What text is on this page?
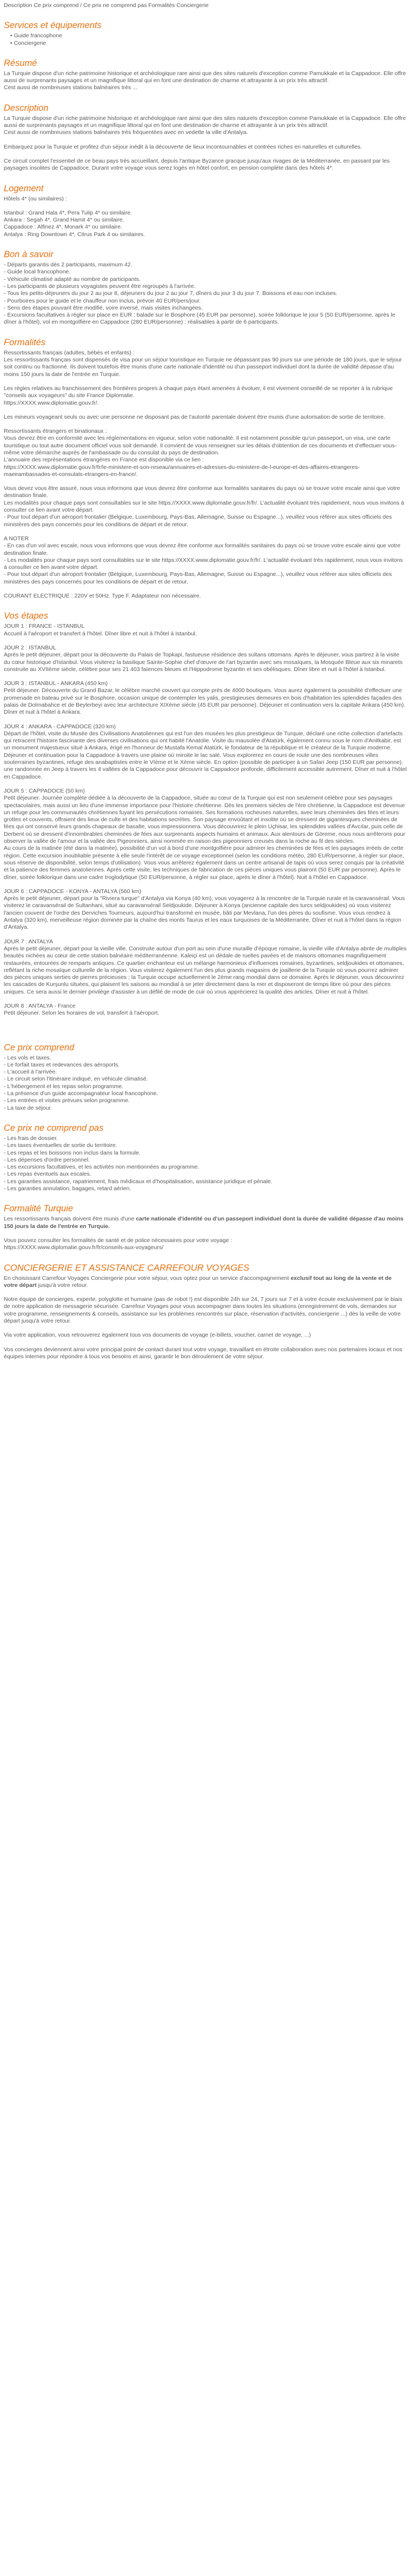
Description Ce prix comprend / Ce prix ne comprend pas Formalités Conciergerie

Services et équipements

• Guide francophone

• Conciergerie

Résumé

La Turquie dispose d'un riche patrimoine historique et archéologique rare ainsi que des sites naturels d'exception comme Pamukkale et la Cappadoce. Elle offre aussi de surprenants paysages et un magnifique littoral qui en font une destination de charme et attrayante à un prix très attractif.
Cest aussi de nombreuses stations balnéaires très ...

Description

La Turquie dispose d'un riche patrimoine historique et archéologique rare ainsi que des sites naturels d'exception comme Pamukkale et la Cappadoce. Elle offre aussi de surprenants paysages et un magnifique littoral qui en font une destination de charme et attrayante à un prix très attractif.
Cest aussi de nombreuses stations balnéaires très fréquentées avec en vedette la ville d'Antalya.

Embarquez pour la Turquie et profitez d'un séjour inédit à la découverte de lieux incontournables et contrées riches en naturelles et culturelles.

Ce circuit complet l'essentiel de ce beau pays très accueillant, depuis l'antique Byzance gracque jusqu'aux rivages de la Méditerranée, en passant par les paysages insolites de Cappadoce. Durant votre voyage vous serez logés en hôtel confort, en pension complète dans des hôtels 4*.

Logement

Hôtels 4* (ou similaires) :

Istanbul : Grand Hala 4*, Pera Tulip 4* ou similaire.

Ankara : Segah 4*, Grand Hamit 4* ou similaire.

Cappadoce : Alfinez 4*, Monark 4* ou similaire.

Antalya : Ring Downtown 4*, Citrus Park 4 ou similaires.

Bon à savoir

- Départs garantis dès 2 participants, maximum 42.

- Guide local francophone.

- Véhicule climatisé adapté au nombre de participants.

- Les participants de plusieurs voyagistes peuvent être regroupés à l'arrivée.

- Tous les petits-déjeuners du jour 2 au jour 8, déjeuners du jour 2 au jour 7, dîners du jour 3 du jour 7. Boissons et eau non incluses.
- Pourboires pour le guide et le chauffeur non inclus, prévoir 40 EUR/pers/jour.
- Sens des étapes pouvant être modifié, voire inversé, mais visites inchangées.

- Excursions facultatives à régler sur place en EUR : balade sur le Bosphore (45 EUR par personne), soirée folklorique le jour 5 (50 EUR/personne, après le dîner à l'hôtel), vol en montgolfière en Cappadoce (280 EUR/personne) : réalisables à partir de 6 participants.

Formalités

Ressortissants français (adultes, bébés et enfants) :
Les ressortissants français sont dispensés de visa pour un séjour touristique en Turquie ne dépassant pas 90 jours sur une période de 180 jours, que le séjour soit continu ou fractionné. Ils doivent toutefois être munis d'une carte nationale d'identité ou d'un passeport individuel dont la durée de validité dépasse d'au moins 150 jours la date de l'entrée en Turquie.

Les règles relatives au franchissement des frontières propres à chaque pays étant amenées à évoluer, il est vivement conseillé de se reporter à la rubrique "conseils aux voyageurs" du site France Diplomatie.
https://XXXX.www.diplomatie.gouv.fr/.

Les mineurs voyageant seuls ou avec une personne ne disposant pas de l'autorité parentale doivent être munis d'une autorisation de sortie de territoire.

Ressortissants étrangers et binationaux :
Vous devrez être en conformité avec les réglementations en vigueur, selon votre nationalité. Il est notamment possible qu'un passeport, un visa, une carte touristique ou tout autre document officiel vous soit demandé. Il convient de vous renseigner sur les délais d'obtention de ces documents et d'effectuer vous-même votre démarche auprès de l'ambassade ou du consulat du pays de destination.
L'annuaire des représentations étrangères en France est disponible via ce lien :
https://XXXX.www.diplomatie.gouv.fr/fr/le-ministere-et-son-reseau/annuaires-et-adresses-du-ministere-de-l-europe-et-des-affaires-etrangeres-maeeambassades-et-consulats-etrangers-en-france/.

Vous devez vous être assuré, nous vous informons que vous devrez être conforme aux formalités sanitaires du pays où se trouve votre escale ainsi que votre destination finale.
Les modalités pour chaque pays sont consultables sur le site https://XXXX.www.diplomatie.gouv.fr/fr/. L'actualité évoluant très rapidement, nous vous invitons à consulter ce lien avant votre départ.
- Pour tout départ d'un aéroport frontalier (Belgique, Luxembourg, Pays-Bas, Allemagne, Suisse ou Espagne...), veuillez vous référer aux sites officiels des ministères des pays concernés pour les conditions de départ et de retour.

A NOTER

- En cas d'un vol avec escale, nous vous informons que vous devrez être conforme aux formalités sanitaires du pays où se trouve votre escale ainsi que votre destination finale.
- Les modalités pour chaque pays sont consultables sur le site https://XXXX.www.diplomatie.gouv.fr/fr/. L'actualité évoluant très rapidement, nous vous invitons à consulter ce lien avant votre départ.
- Pour tout départ d'un aéroport frontalier (Belgique, Luxembourg, Pays-Bas, Allemagne, Suisse ou Espagne...), veuillez vous référer aux sites officiels des ministères des pays concernés pour les conditions de départ et de retour.

COURANT ELECTRIQUE : 220V et 50Hz. Type F. Adaptateur non nécessaire.

Vos étapes

JOUR 1 : FRANCE - ISTANBUL

Accueil à l'aéroport et transfert à l'hôtel. Dîner libre et nuit à l'hôtel à Istanbul.

JOUR 2 : ISTANBUL

Après le petit déjeuner, départ pour la découverte du Palais de Topkapi, fastueuse résidence des sultans ottomans. Après le déjeuner, vous partirez à la visite du cœur historique d'Istanbul. Vous visiterez la basilique Sainte-Sophie chef d'œuvre de l'art byzantin avec ses mosaïques, la Mosquée Bleue aux six minarets construite au XVIIème siècle, célèbre pour ses 21 403 faïences bleues et l'Hippodrome byzantin et ses obélisques. Dîner libre et nuit à l'hôtel à Istanbul.

JOUR 3 : ISTANBUL - ANKARA (450 km)

Petit déjeuner. Découverte du Grand Bazar, le célèbre marché couvert qui compte près de 4000 boutiques. Vous aurez également la possibilité d'effectuer une promenade en bateau privé sur le Bosphore, occasion unique de contempler les yalis, prestigieuses demeures en bois d'habitation les splendides façades des palais de Dolmabahce et de Beylerbeyi avec leur architecture XIXème siècle (45 EUR par personne). Déjeuner et continuation vers la capitale Ankara (450 km). Dîner et nuit à l'hôtel à Ankara.

JOUR 4 : ANKARA - CAPPADOCE (320 km)

Départ de l'hôtel, visite du Musée des Civilisations Anatoliennes qui est l'un des musées les plus prestigieux de Turquie, déclaré une riche collection d'artefacts qui retracent l'histoire fascinante des diverses civilisations qui ont habité l'Anatolie. Visite du mausolée d'Atatürk, également connu sous le nom d'Anitkabir, est un monument majestueux situé à Ankara, érigé en l'honneur de Mustafa Kemal Atatürk, le fondateur de la république et le créateur de la Turquie moderne. Déjeuner et continuation pour la Cappadoce à travers une plaine où miroite le lac salé. Vous explorerez en cours de route une des nombreuses villes souterraines byzantines, refuge des anabaptistes entre le VIème et le Xème siècle. En option (possible de participer à un Safari Jeep (150 EUR par personne). une randonnée en Jeep à travers les 4 vallées de la Cappadoce pour découvrir la Cappadoce profonde, difficilement accessible autrement. Dîner et nuit à l'hôtel en Cappadoce.

JOUR 5 : CAPPADOCE (50 km)

Petit déjeuner. Journée complète dédiée à la découverte de la Cappadoce, située au cœur de la Turquie qui est non seulement célèbre pour ses paysages spectaculaires, mais aussi un lieu d'une immense importance pour l'histoire chrétienne. Dès les premiers siècles de l'ère chrétienne, la Cappadoce est devenue un refuge pour les communautés chrétiennes fuyant les persécutions romaines. Ses formations rocheuses naturelles, avec leurs cheminées des fées et leurs grottes et couvents, offraient des lieux de culte et des habitations secrètes. Son paysage envoûtant et insolite où se dressent de gigantesques cheminées de fées qui ont conservé leurs grands chapeaux de basalte, vous impressionnera. Vous découvrirez le plein Uçhisar, les splendides vallées d'Avcılar, puis celle de Derbent où se dressent d'innombrables cheminées de fées aux surprenants aspects humains et animaux. Aux alentours de Göreme, nous nous arrêterons pour observer la vallée de l'amour et la vallée des Pigeonniers, ainsi nommée en raison des pigeonniers creusés dans la roche au fil des siècles.
Au cours de la matinée (été dans la matinée), possibilité d'un vol à bord d'une montgolfière pour admirer les cheminées de fées et les paysages irréels de cette région. Cette excursion inoubliable présente à elle seule l'intérêt de ce voyage exceptionnel (selon les conditions météo, 280 EUR/personne, à régler sur place, sous réserve de disponibilité, selon temps d'utilisation). Vous vous arrêterez également dans un centre artisanal de tapis où vous serez conquis par la créativité et la patience des femmes anatoliennes. Après cette visite, les techniques de fabrication de ces pièces uniques vous plairont (50 EUR par personne). Après le dîner, soirée folklorique dans une cadre troglodytique (50 EUR/personne, à régler sur place, après le dîner à l'hôtel). Nuit à l'hôtel en Cappadoce.

JOUR 6 : CAPPADOCE - KONYA - ANTALYA (560 km)

Après le petit déjeuner, départ pour la "Riviera turque" d'Antalya via Konya (40 km), vous voyagerez à la rencontre de la Turquie rurale et la caravansérail. Vous visiterez le caravansérail de Sultanhani, situé au caravansérail Seldjoukide. Déjeuner à Konya (ancienne capitale des turcs seldjoukides) où vous visiterez l'ancien couvent de l'ordre des Derviches Tourneurs, aujourd'hui transformé en musée, bâti par Mevlana, l'un des pères du soufisme. Vous vous rendrez à Antalya (320 km), merveilleuse région dominée par la chaîne des monts Taurus et les eaux turquoises de la Méditerranée. Dîner et nuit à l'hôtel dans la région d'Antalya.

JOUR 7 : ANTALYA

Après le petit déjeuner, départ pour la vieille ville. Construite autour d'un port au sein d'une muraille d'époque romaine, la vieille ville d'Antalya abrite de multiples beautés nichées au cœur de cette station balnéaire méditerranéenne. Kaleiçi est un dédale de ruelles pavées et de maisons ottomanes magnifiquement restaurées, entourées de remparts antiques. Ce quartier enchanteur est un mélange harmonieux d'influences romaines, byzantines, seldjoukides et ottomanes, reflétant la riche mosaïque culturelle de la région. Vous visiterez également l'un des plus grands magasins de joaillerie de la Turquie où vous pourrez admirer des pièces uniques serties de pierres précieuses ; la Turquie occupe actuellement le 2ème rang mondial dans ce domaine. Après le déjeuner, vous découvrirez les cascades de Kurşunlu situées, qui plaisent les saisons au mondial à se jeter directement dans la mer et disposeront de temps libre où pour des pièces uniques. Ce sera aussi le dernier privilège d'assister à un défilé de mode de cuir où vous apprécierez la qualité des articles. Dîner et nuit à l'hôtel.

JOUR 8 : ANTALYA - France

Petit déjeuner. Selon les horaires de vol, transfert à l'aéroport.

Ce prix comprend

- Les vols et taxes.

- Le forfait taxes et redevances des aéroports.

- L'accueil à l'arrivée.

- Le circuit selon l'itinéraire indiqué, en véhicule climatisé.

- L'hébergement et les repas selon programme.

- La présence d'un guide accompagnateur local francophone.

- Les entrées et visites prévues selon programme.

- La taxe de séjour.

Ce prix ne comprend pas

- Les frais de dossier.

- Les taxes éventuelles de sortie du territoire.

- Les repas et les boissons non inclus dans la formule.

- Les dépenses d'ordre personnel.

- Les excursions facultatives, et les activités non mentionnées au programme.

- Les repas éventuels aux escales.

- Les garanties assistance, rapatriement, frais médicaux et d'hospitalisation, assistance juridique et pénale.

- Les garanties annulation, bagages, retard aérien.

Formalité Turquie

Les ressortissants français doivent être munis d'une carte nationale d'identité ou d'un passeport individuel dont la durée de validité dépasse d'au moins 150 jours la date de l'entrée en Turquie.

Vous pouvez consulter les formalités de santé et de police nécessaires pour votre voyage :
https://XXXX.www.diplomatie.gouv.fr/fr/conseils-aux-voyageurs/

CONCIERGERIE ET ASSISTANCE CARREFOUR VOYAGES

En choisissant Carrefour Voyages Conciergerie pour votre séjour, vous optez pour un service d'accompagnement exclusif tout au long de la vente et de votre départ jusqu'à votre retour.

Notre équipe de concierges, experte, polyglotte et humaine (pas de robot !) est disponible 24h sur 24, 7 jours sur 7 et à votre écoute exclusivement par le biais de notre application de messagerie sécurisée. Carrefour Voyages pour vous accompagner dans toutes les situations (enregistrement de vols, demandes sur votre programme, renseignements & conseils, assistance sur les problèmes rencontrés sur place, réservation d'activités, conciergerie ...) dès la veille de votre départ jusqu'à votre retour.

Via votre application, vous retrouverez également tous vos documents de voyage (e-billets, voucher, carnet de voyage, ...)

Vos concierges deviennent ainsi votre principal point de contact durant tout votre voyage, travaillant en étroite collaboration avec nos partenaires locaux et nos équipes internes pour répondre à tous vos besoins et ainsi, garantir le bon déroulement de votre séjour.
